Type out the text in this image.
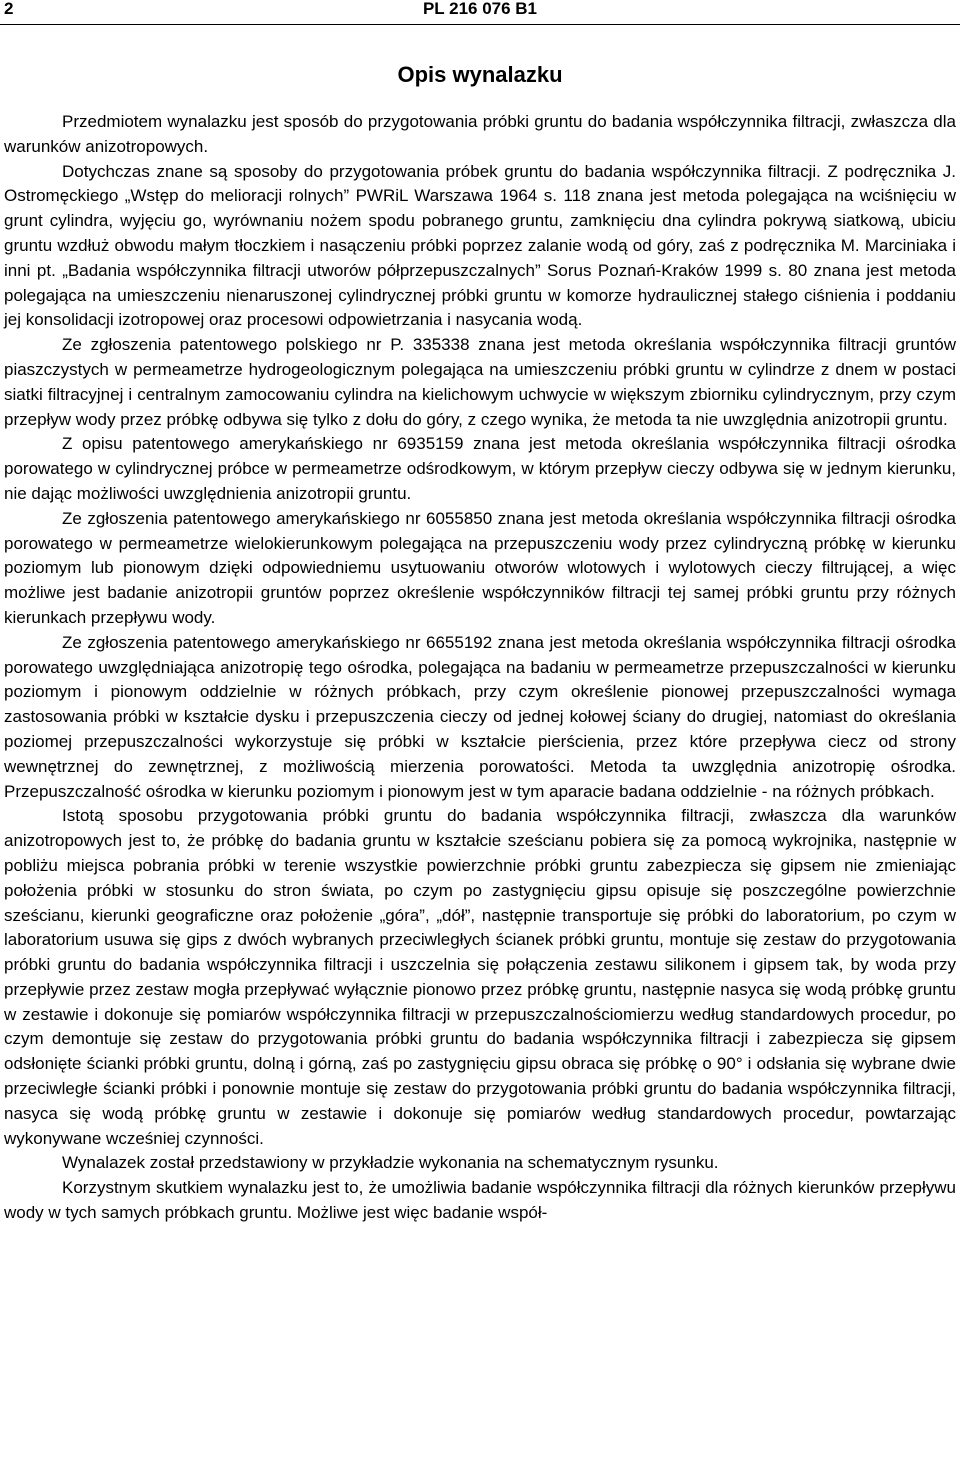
2	PL 216 076 B1
Opis wynalazku

Przedmiotem wynalazku jest sposób do przygotowania próbki gruntu do badania współczynnika filtracji, zwłaszcza dla warunków anizotropowych.

Dotychczas znane są sposoby do przygotowania próbek gruntu do badania współczynnika filtracji. Z podręcznika J. Ostromęckiego „Wstęp do melioracji rolnych” PWRiL Warszawa 1964 s. 118 znana jest metoda polegająca na wciśnięciu w grunt cylindra, wyjęciu go, wyrównaniu nożem spodu pobranego gruntu, zamknięciu dna cylindra pokrywą siatkową, ubiciu gruntu wzdłuż obwodu małym tłoczkiem i nasączeniu próbki poprzez zalanie wodą od góry, zaś z podręcznika M. Marciniaka i inni pt. „Badania współczynnika filtracji utworów półprzepuszczalnych” Sorus Poznań-Kraków 1999 s. 80 znana jest metoda polegająca na umieszczeniu nienaruszonej cylindrycznej próbki gruntu w komorze hydraulicznej stałego ciśnienia i poddaniu jej konsolidacji izotropowej oraz procesowi odpowietrzania i nasycania wodą.

Ze zgłoszenia patentowego polskiego nr P. 335338 znana jest metoda określania współczynnika filtracji gruntów piaszczystych w permeametrze hydrogeologicznym polegająca na umieszczeniu próbki gruntu w cylindrze z dnem w postaci siatki filtracyjnej i centralnym zamocowaniu cylindra na kielichowym uchwycie w większym zbiorniku cylindrycznym, przy czym przepływ wody przez próbkę odbywa się tylko z dołu do góry, z czego wynika, że metoda ta nie uwzględnia anizotropii gruntu.

Z opisu patentowego amerykańskiego nr 6935159 znana jest metoda określania współczynnika filtracji ośrodka porowatego w cylindrycznej próbce w permeametrze odśrodkowym, w którym przepływ cieczy odbywa się w jednym kierunku, nie dając możliwości uwzględnienia anizotropii gruntu.

Ze zgłoszenia patentowego amerykańskiego nr 6055850 znana jest metoda określania współczynnika filtracji ośrodka porowatego w permeametrze wielokierunkowym polegająca na przepuszczeniu wody przez cylindryczną próbkę w kierunku poziomym lub pionowym dzięki odpowiedniemu usytuowaniu otworów wlotowych i wylotowych cieczy filtrującej, a więc możliwe jest badanie anizotropii gruntów poprzez określenie współczynników filtracji tej samej próbki gruntu przy różnych kierunkach przepływu wody.

Ze zgłoszenia patentowego amerykańskiego nr 6655192 znana jest metoda określania współczynnika filtracji ośrodka porowatego uwzględniająca anizotropię tego ośrodka, polegająca na badaniu w permeametrze przepuszczalności w kierunku poziomym i pionowym oddzielnie w różnych próbkach, przy czym określenie pionowej przepuszczalności wymaga zastosowania próbki w kształcie dysku i przepuszczenia cieczy od jednej kołowej ściany do drugiej, natomiast do określania poziomej przepuszczalności wykorzystuje się próbki w kształcie pierścienia, przez które przepływa ciecz od strony wewnętrznej do zewnętrznej, z możliwością mierzenia porowatości. Metoda ta uwzględnia anizotropię ośrodka. Przepuszczalność ośrodka w kierunku poziomym i pionowym jest w tym aparacie badana oddzielnie - na różnych próbkach.

Istotą sposobu przygotowania próbki gruntu do badania współczynnika filtracji, zwłaszcza dla warunków anizotropowych jest to, że próbkę do badania gruntu w kształcie sześcianu pobiera się za pomocą wykrojnika, następnie w pobliżu miejsca pobrania próbki w terenie wszystkie powierzchnie próbki gruntu zabezpiecza się gipsem nie zmieniając położenia próbki w stosunku do stron świata, po czym po zastygnięciu gipsu opisuje się poszczególne powierzchnie sześcianu, kierunki geograficzne oraz położenie „góra”, „dół”, następnie transportuje się próbki do laboratorium, po czym w laboratorium usuwa się gips z dwóch wybranych przeciwległych ścianek próbki gruntu, montuje się zestaw do przygotowania próbki gruntu do badania współczynnika filtracji i uszczelnia się połączenia zestawu silikonem i gipsem tak, by woda przy przepływie przez zestaw mogła przepływać wyłącznie pionowo przez próbkę gruntu, następnie nasyca się wodą próbkę gruntu w zestawie i dokonuje się pomiarów współczynnika filtracji w przepuszczalnościomierzu według standardowych procedur, po czym demontuje się zestaw do przygotowania próbki gruntu do badania współczynnika filtracji i zabezpiecza się gipsem odsłonięte ścianki próbki gruntu, dolną i górną, zaś po zastygnięciu gipsu obraca się próbkę o 90° i odsłania się wybrane dwie przeciwległe ścianki próbki i ponownie montuje się zestaw do przygotowania próbki gruntu do badania współczynnika filtracji, nasyca się wodą próbkę gruntu w zestawie i dokonuje się pomiarów według standardowych procedur, powtarzając wykonywane wcześniej czynności.

Wynalazek został przedstawiony w przykładzie wykonania na schematycznym rysunku.

Korzystnym skutkiem wynalazku jest to, że umożliwia badanie współczynnika filtracji dla różnych kierunków przepływu wody w tych samych próbkach gruntu. Możliwe jest więc badanie współ-
